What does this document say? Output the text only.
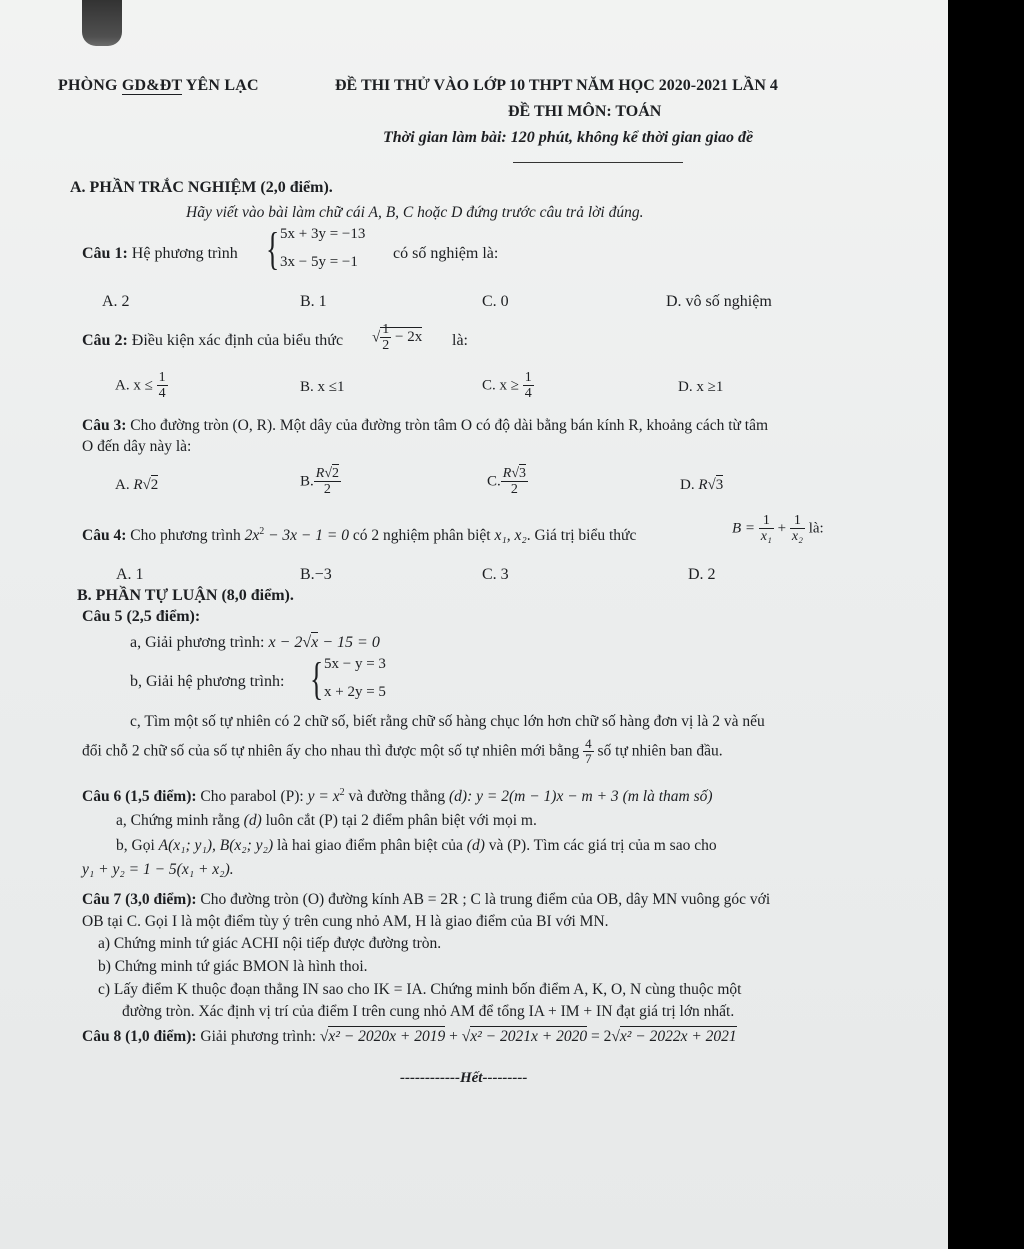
PHÒNG GD&ĐT YÊN LẠC	ĐỀ THI THỬ VÀO LỚP 10 THPT NĂM HỌC 2020-2021 LẦN 4
ĐỀ THI MÔN: TOÁN
Thời gian làm bài: 120 phút, không kể thời gian giao đề
A. PHẦN TRẮC NGHIỆM (2,0 điểm).
Hãy viết vào bài làm chữ cái A, B, C hoặc D đứng trước câu trả lời đúng.
Câu 1: Hệ phương trình { 5x + 3y = −13
3x − 5y = −1 có số nghiệm là:
A. 2	B. 1	C. 0	D. vô số nghiệm
Câu 2: Điều kiện xác định của biểu thức √ $\frac{1}{2} - 2x$ là:
A. $x \le \frac{1}{4}$	B. x ≤1	C. $x \ge \frac{1}{4}$	D. x ≥1
Câu 3: Cho đường tròn (O, R). Một dây của đường tròn tâm O có độ dài bằng bán kính R, khoảng cách từ tâm
O đến dây này là:
A. R√2	B. $\frac{R√2}{2}$	C. $\frac{R√3}{2}$	D. R√3
Câu 4: Cho phương trình $2x^2 - 3x - 1 = 0$ có 2 nghiệm phân biệt x₁, x₂. Giá trị biểu thức	$B = \frac{1}{\text{x₁}} + \frac{1}{\text{x₂}}$ là:
A. 1	B.−3	C. 3	D. 2
B. PHẦN TỰ LUẬN (8,0 điểm).
Câu 5 (2,5 điểm):
a, Giải phương trình: x − 2√x − 15 = 0
b, Giải hệ phương trình: { 5x − y = 3
x + 2y = 5
c, Tìm một số tự nhiên có 2 chữ số, biết rằng chữ số hàng chục lớn hơn chữ số hàng đơn vị là 2 và nếu
đổi chỗ 2 chữ số của số tự nhiên ấy cho nhau thì được một số tự nhiên mới bằng $\frac{4}{7}$ số tự nhiên ban đầu.
Câu 6 (1,5 điểm): Cho parabol (P): $y = x^2$ và đường thẳng (d): y = 2(m − 1)x − m + 3 (m là tham số)
a, Chứng minh rằng (d) luôn cắt (P) tại 2 điểm phân biệt với mọi m.
b, Gọi A(x₁; y₁), B(x₂; y₂) là hai giao điểm phân biệt của (d) và (P). Tìm các giá trị của m sao cho
y₁ + y₂ = 1 − 5(x₁ + x₂).
Câu 7 (3,0 điểm): Cho đường tròn (O) đường kính AB = 2R ; C là trung điểm của OB, dây MN vuông góc với
OB tại C. Gọi I là một điểm tùy ý trên cung nhỏ AM, H là giao điểm của BI với MN.
a) Chứng minh tứ giác ACHI nội tiếp được đường tròn.
b) Chứng minh tứ giác BMON là hình thoi.
c) Lấy điểm K thuộc đoạn thẳng IN sao cho IK = IA. Chứng minh bốn điểm A, K, O, N cùng thuộc một
đường tròn. Xác định vị trí của điểm I trên cung nhỏ AM để tổng IA + IM + IN đạt giá trị lớn nhất.
Câu 8 (1,0 điểm): Giải phương trình: √x² − 2020x + 2019 + √x² − 2021x + 2020 = 2√x² − 2022x + 2021
------------Hết---------
